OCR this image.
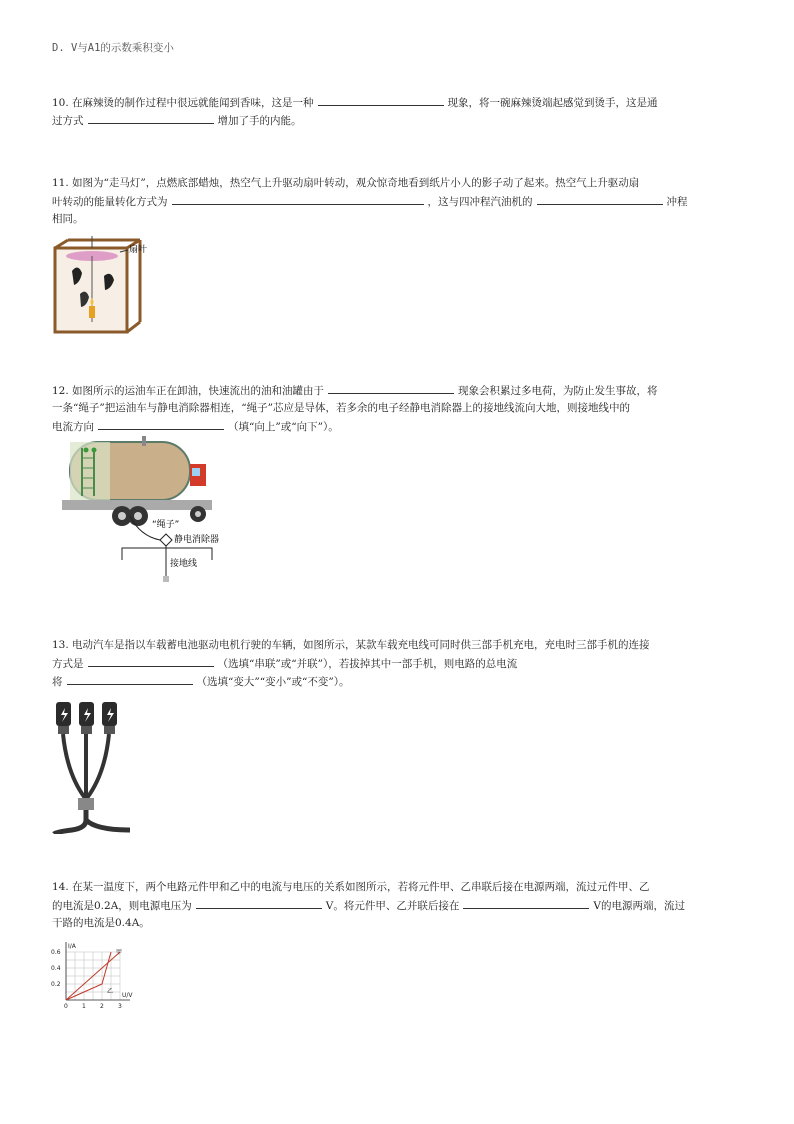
D. V与A1的示数乘积变小
10. 在麻辣烫的制作过程中很远就能闻到香味，这是一种	现象，将一碗麻辣烫端起感觉到烫手，这是通
过方式	增加了手的内能。
11. 如图为“走马灯”，点燃底部蜡烛，热空气上升驱动扇叶转动，观众惊奇地看到纸片小人的影子动了起来。热空气上升驱动扇
叶转动的能量转化方式为	，这与四冲程汽油机的	冲程
相同。
扇叶
12. 如图所示的运油车正在卸油，快速流出的油和油罐由于	现象会积累过多电荷，为防止发生事故，将
一条“绳子”把运油车与静电消除器相连，“绳子”芯应是导体，若多余的电子经静电消除器上的接地线流向大地，则接地线中的
电流方向	（填“向上”或“向下”）。
“绳子”
静电消除器
接地线
13. 电动汽车是指以车载蓄电池驱动电机行驶的车辆，如图所示，某款车载充电线可同时供三部手机充电，充电时三部手机的连接
方式是	（选填“串联”或“并联”），若拔掉其中一部手机，则电路的总电流
将	（选填“变大”“变小”或“不变”）。
14. 在某一温度下，两个电路元件甲和乙中的电流与电压的关系如图所示，若将元件甲、乙串联后接在电源两端，流过元件甲、乙
的电流是0.2A，则电源电压为	V。将元件甲、乙并联后接在	V的电源两端，流过
干路的电流是0.4A。
I/A
U/V
0 1 2 3
0.2
0.4
0.6	甲
乙
